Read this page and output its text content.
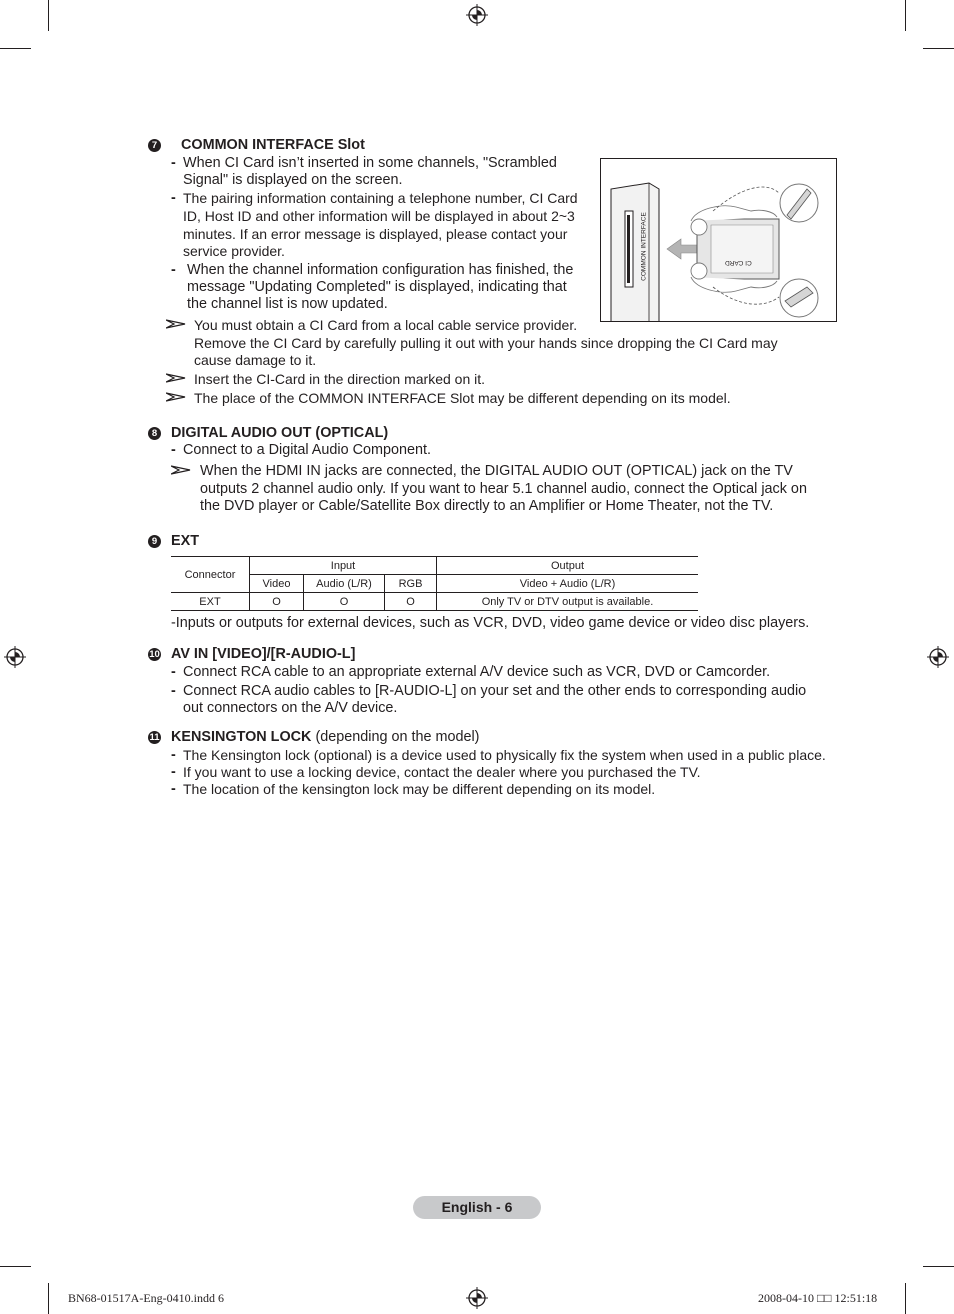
7 COMMON INTERFACE Slot
- When CI Card isn’t inserted in some channels, "Scrambled
Signal" is displayed on the screen.
- The pairing information containing a telephone number, CI Card
ID, Host ID and other information will be displayed in about 2~3
minutes. If an error message is displayed, please contact your
service provider.
- When the channel information configuration has finished, the
message "Updating Completed" is displayed, indicating that
the channel list is now updated.
You must obtain a CI Card from a local cable service provider.
Remove the CI Card by carefully pulling it out with your hands since dropping the CI Card may
cause damage to it.
Insert the CI-Card in the direction marked on it.
The place of the COMMON INTERFACE Slot may be different depending on its model.
COMMON INTERFACE	CI CARD
8 DIGITAL AUDIO OUT (OPTICAL)
- Connect to a Digital Audio Component.
When the HDMI IN jacks are connected, the DIGITAL AUDIO OUT (OPTICAL) jack on the TV
outputs 2 channel audio only. If you want to hear 5.1 channel audio, connect the Optical jack on
the DVD player or Cable/Satellite Box directly to an Amplifier or Home Theater, not the TV.
9 EXT
Connector	Input			Output
	Video	Audio (L/R)	RGB	Video + Audio (L/R)
EXT	O	O	O	Only TV or DTV output is available.
-Inputs or outputs for external devices, such as VCR, DVD, video game device or video disc players.
10 AV IN [VIDEO]/[R-AUDIO-L]
- Connect RCA cable to an appropriate external A/V device such as VCR, DVD or Camcorder.
- Connect RCA audio cables to [R-AUDIO-L] on your set and the other ends to corresponding audio
out connectors on the A/V device.
11 KENSINGTON LOCK (depending on the model)
- The Kensington lock (optional) is a device used to physically fix the system when used in a public place.
- If you want to use a locking device, contact the dealer where you purchased the TV.
- The location of the kensington lock may be different depending on its model.
English - 6
BN68-01517A-Eng-0410.indd 6	2008-04-10 □□ 12:51:18
